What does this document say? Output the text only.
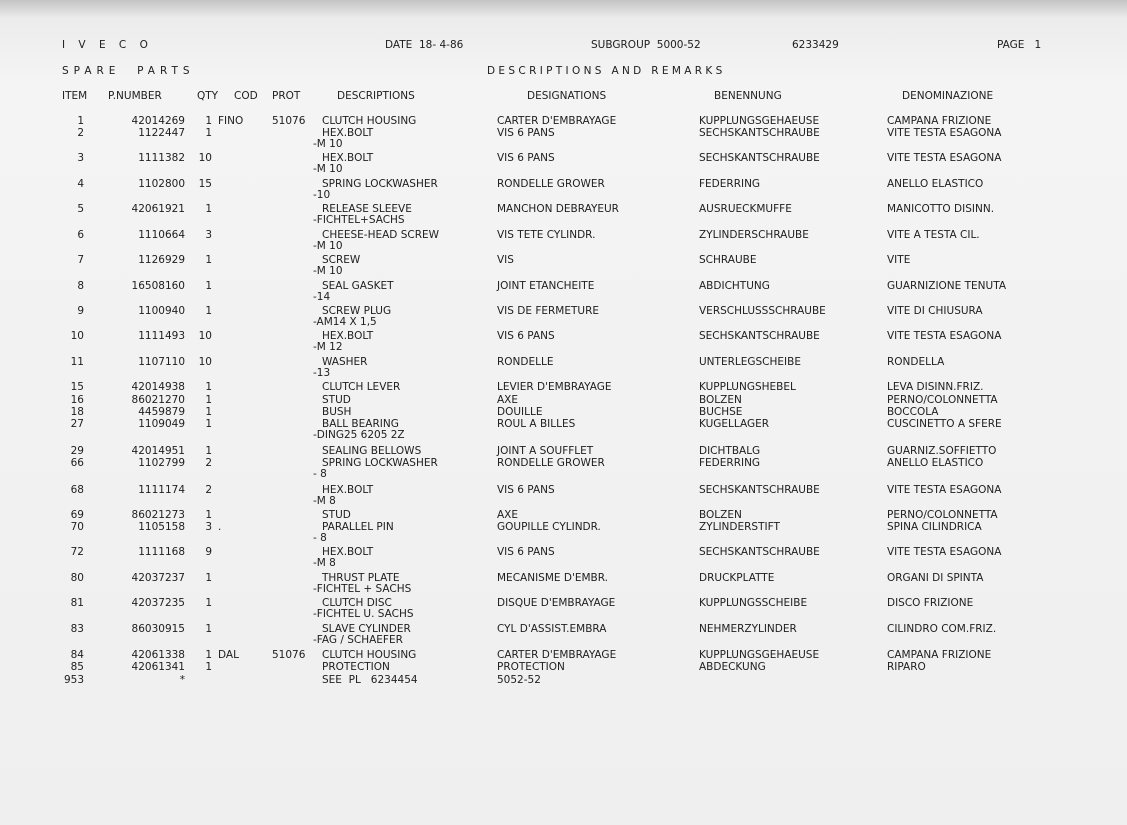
I V E C O	DATE  18- 4-86	SUBGROUP  5000-52	6233429	PAGE   1
SPARE  PARTS	D E S C R I P T I O N S   A N D   R E M A R K S
ITEM P.NUMBER	QTY COD PROT	DESCRIPTIONS	DESIGNATIONS	BENENNUNG	DENOMINAZIONE
1	42014269	1 FINO	51076	CLUTCH HOUSING	CARTER D'EMBRAYAGE	KUPPLUNGSGEHAEUSE	CAMPANA FRIZIONE
2	1122447	1	HEX.BOLT	VIS 6 PANS	SECHSKANTSCHRAUBE	VITE TESTA ESAGONA
-M 10
3	1111382	10	HEX.BOLT	VIS 6 PANS	SECHSKANTSCHRAUBE	VITE TESTA ESAGONA
-M 10
4	1102800	15	SPRING LOCKWASHER	RONDELLE GROWER	FEDERRING	ANELLO ELASTICO
-10
5	42061921	1	RELEASE SLEEVE	MANCHON DEBRAYEUR	AUSRUECKMUFFE	MANICOTTO DISINN.
-FICHTEL+SACHS
6	1110664	3	CHEESE-HEAD SCREW	VIS TETE CYLINDR.	ZYLINDERSCHRAUBE	VITE A TESTA CIL.
-M 10
7	1126929	1	SCREW	VIS	SCHRAUBE	VITE
-M 10
8	16508160	1	SEAL GASKET	JOINT ETANCHEITE	ABDICHTUNG	GUARNIZIONE TENUTA
-14
9	1100940	1	SCREW PLUG	VIS DE FERMETURE	VERSCHLUSSSCHRAUBE	VITE DI CHIUSURA
-AM14 X 1,5
10	1111493	10	HEX.BOLT	VIS 6 PANS	SECHSKANTSCHRAUBE	VITE TESTA ESAGONA
-M 12
11	1107110	10	WASHER	RONDELLE	UNTERLEGSCHEIBE	RONDELLA
-13
15	42014938	1	CLUTCH LEVER	LEVIER D'EMBRAYAGE	KUPPLUNGSHEBEL	LEVA DISINN.FRIZ.
16	86021270	1	STUD	AXE	BOLZEN	PERNO/COLONNETTA
18	4459879	1	BUSH	DOUILLE	BUCHSE	BOCCOLA
27	1109049	1	BALL BEARING	ROUL A BILLES	KUGELLAGER	CUSCINETTO A SFERE
-DING25 6205 2Z
29	42014951	1	SEALING BELLOWS	JOINT A SOUFFLET	DICHTBALG	GUARNIZ.SOFFIETTO
66	1102799	2	SPRING LOCKWASHER	RONDELLE GROWER	FEDERRING	ANELLO ELASTICO
- 8
68	1111174	2	HEX.BOLT	VIS 6 PANS	SECHSKANTSCHRAUBE	VITE TESTA ESAGONA
-M 8
69	86021273	1	STUD	AXE	BOLZEN	PERNO/COLONNETTA
70	1105158	3 .	PARALLEL PIN	GOUPILLE CYLINDR.	ZYLINDERSTIFT	SPINA CILINDRICA
- 8
72	1111168	9	HEX.BOLT	VIS 6 PANS	SECHSKANTSCHRAUBE	VITE TESTA ESAGONA
-M 8
80	42037237	1	THRUST PLATE	MECANISME D'EMBR.	DRUCKPLATTE	ORGANI DI SPINTA
-FICHTEL + SACHS
81	42037235	1	CLUTCH DISC	DISQUE D'EMBRAYAGE	KUPPLUNGSSCHEIBE	DISCO FRIZIONE
-FICHTEL U. SACHS
83	86030915	1	SLAVE CYLINDER	CYL D'ASSIST.EMBRA	NEHMERZYLINDER	CILINDRO COM.FRIZ.
-FAG / SCHAEFER
84	42061338	1 DAL	51076	CLUTCH HOUSING	CARTER D'EMBRAYAGE	KUPPLUNGSGEHAEUSE	CAMPANA FRIZIONE
85	42061341	1	PROTECTION	PROTECTION	ABDECKUNG	RIPARO
953	*	SEE  PL   6234454	5052-52
